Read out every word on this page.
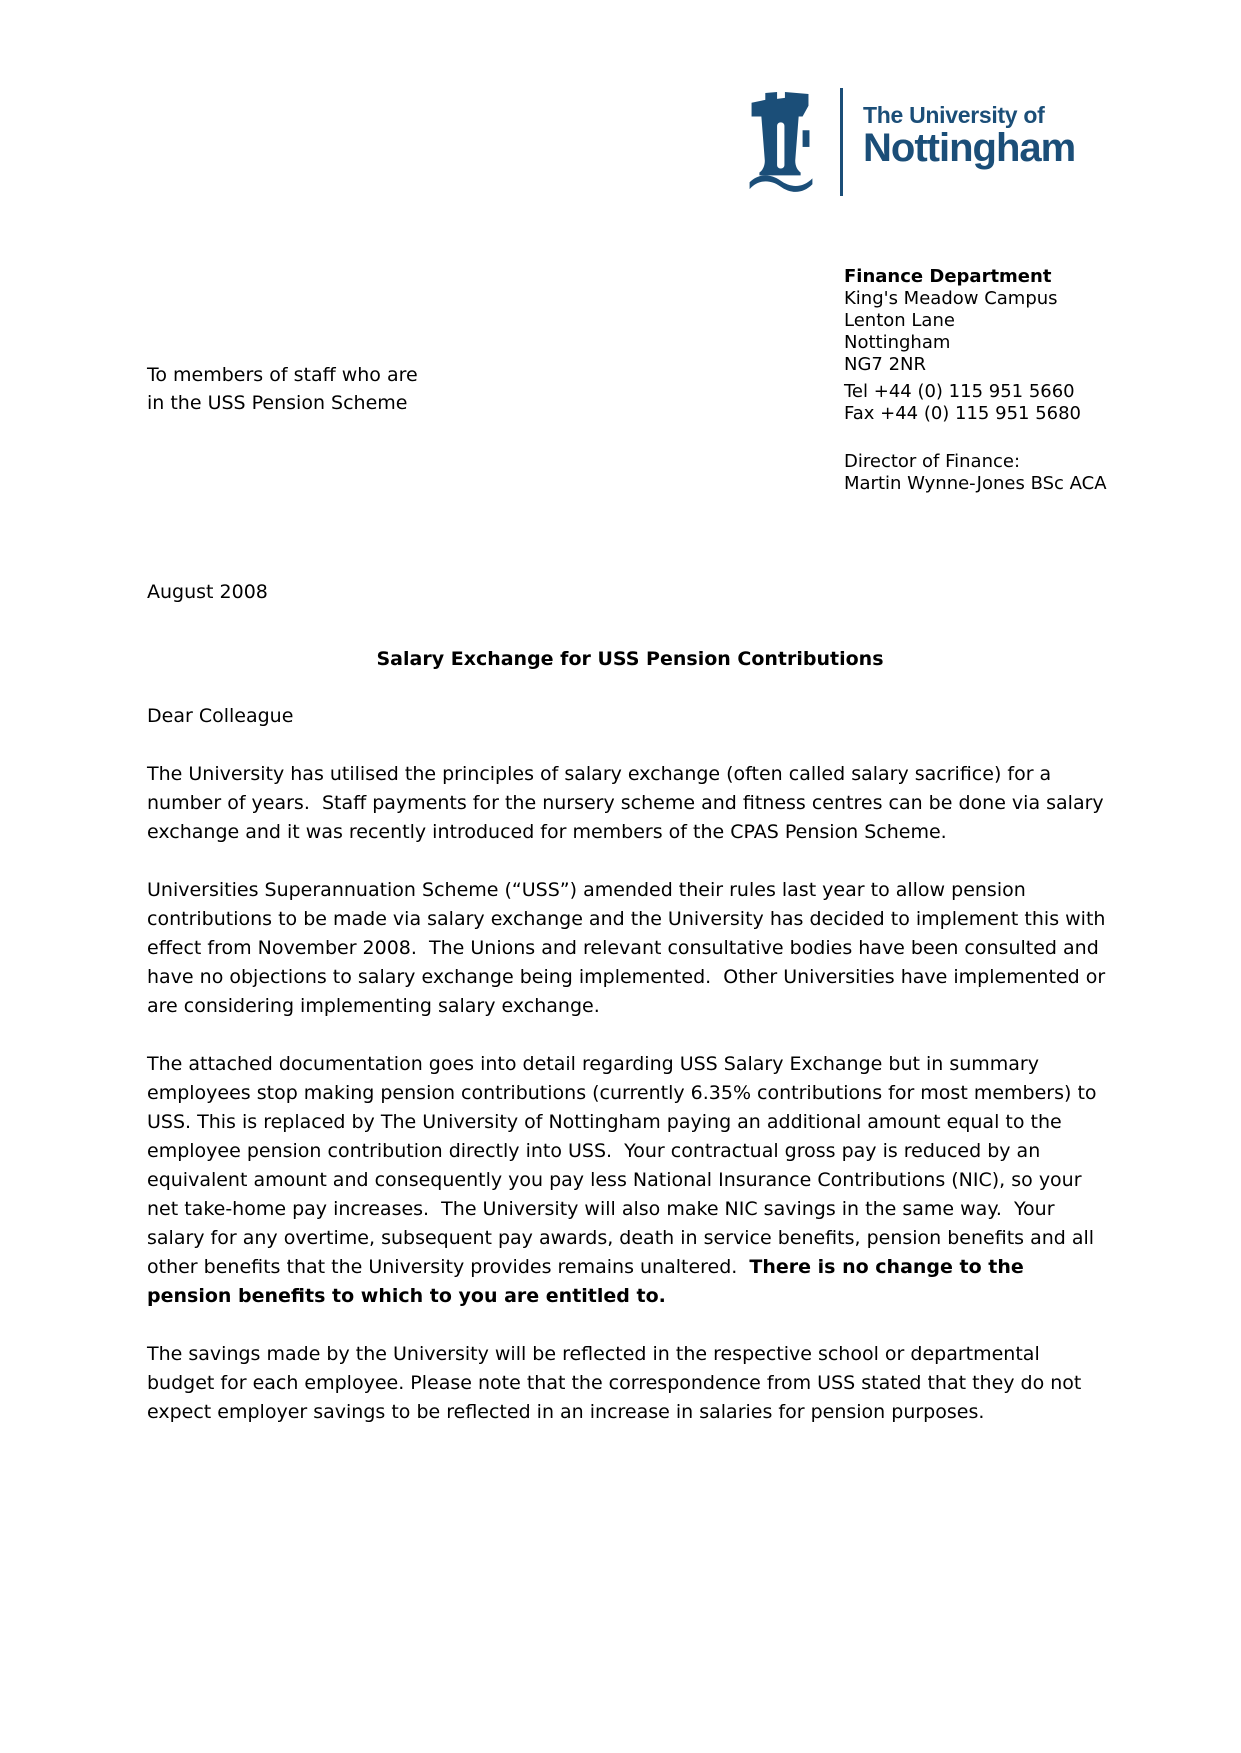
The University of
Nottingham
Finance Department
King's Meadow Campus
Lenton Lane
Nottingham
NG7 2NR
Tel +44 (0) 115 951 5660
Fax +44 (0) 115 951 5680
Director of Finance:
Martin Wynne-Jones BSc ACA
To members of staff who are
in the USS Pension Scheme

August 2008

Salary Exchange for USS Pension Contributions

Dear Colleague

The University has utilised the principles of salary exchange (often called salary sacrifice) for a number of years.  Staff payments for the nursery scheme and fitness centres can be done via salary exchange and it was recently introduced for members of the CPAS Pension Scheme.

Universities Superannuation Scheme (“USS”) amended their rules last year to allow pension contributions to be made via salary exchange and the University has decided to implement this with effect from November 2008.  The Unions and relevant consultative bodies have been consulted and have no objections to salary exchange being implemented.  Other Universities have implemented or are considering implementing salary exchange.

The attached documentation goes into detail regarding USS Salary Exchange but in summary employees stop making pension contributions (currently 6.35% contributions for most members) to USS. This is replaced by The University of Nottingham paying an additional amount equal to the employee pension contribution directly into USS.  Your contractual gross pay is reduced by an equivalent amount and consequently you pay less National Insurance Contributions (NIC), so your net take-home pay increases.  The University will also make NIC savings in the same way.  Your salary for any overtime, subsequent pay awards, death in service benefits, pension benefits and all other benefits that the University provides remains unaltered.  There is no change to the pension benefits to which to you are entitled to.

The savings made by the University will be reflected in the respective school or departmental budget for each employee. Please note that the correspondence from USS stated that they do not expect employer savings to be reflected in an increase in salaries for pension purposes.
